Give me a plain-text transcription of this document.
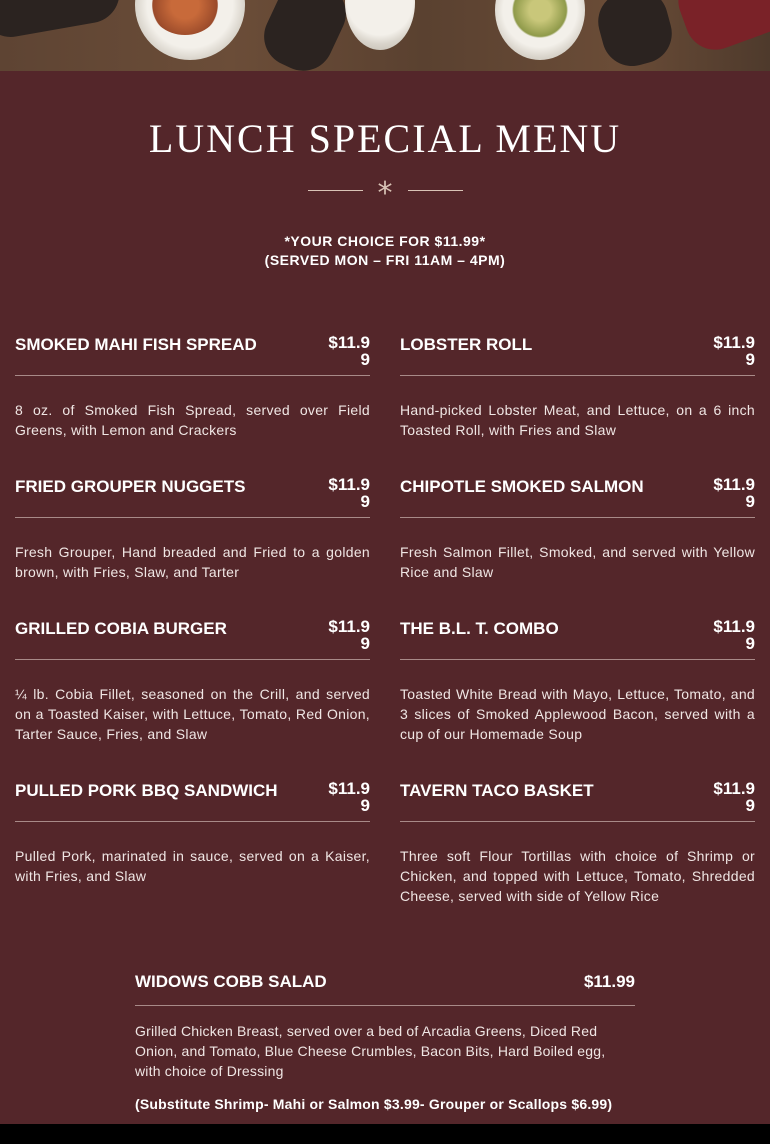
LUNCH SPECIAL MENU
*
*YOUR CHOICE FOR $11.99*
(SERVED MON – FRI 11AM – 4PM)
SMOKED MAHI FISH SPREAD	$11.99
8 oz. of Smoked Fish Spread, served over Field Greens, with Lemon and Crackers
LOBSTER ROLL	$11.99
Hand-picked Lobster Meat, and Lettuce, on a 6 inch Toasted Roll, with Fries and Slaw
FRIED GROUPER NUGGETS	$11.99
Fresh Grouper, Hand breaded and Fried to a golden brown, with Fries, Slaw, and Tarter
CHIPOTLE SMOKED SALMON	$11.99
Fresh Salmon Fillet, Smoked, and served with Yellow Rice and Slaw
GRILLED COBIA BURGER	$11.99
¼ lb. Cobia Fillet, seasoned on the Crill, and served on a Toasted Kaiser, with Lettuce, Tomato, Red Onion, Tarter Sauce, Fries, and Slaw
THE B.L. T. COMBO	$11.99
Toasted White Bread with Mayo, Lettuce, Tomato, and 3 slices of Smoked Applewood Bacon, served with a cup of our Homemade Soup
PULLED PORK BBQ SANDWICH	$11.99
Pulled Pork, marinated in sauce, served on a Kaiser, with Fries, and Slaw
TAVERN TACO BASKET	$11.99
Three soft Flour Tortillas with choice of Shrimp or Chicken, and topped with Lettuce, Tomato, Shredded Cheese, served with side of Yellow Rice
WIDOWS COBB SALAD	$11.99
Grilled Chicken Breast, served over a bed of Arcadia Greens, Diced Red Onion, and Tomato, Blue Cheese Crumbles, Bacon Bits, Hard Boiled egg, with choice of Dressing
(Substitute Shrimp- Mahi or Salmon $3.99- Grouper or Scallops $6.99)
